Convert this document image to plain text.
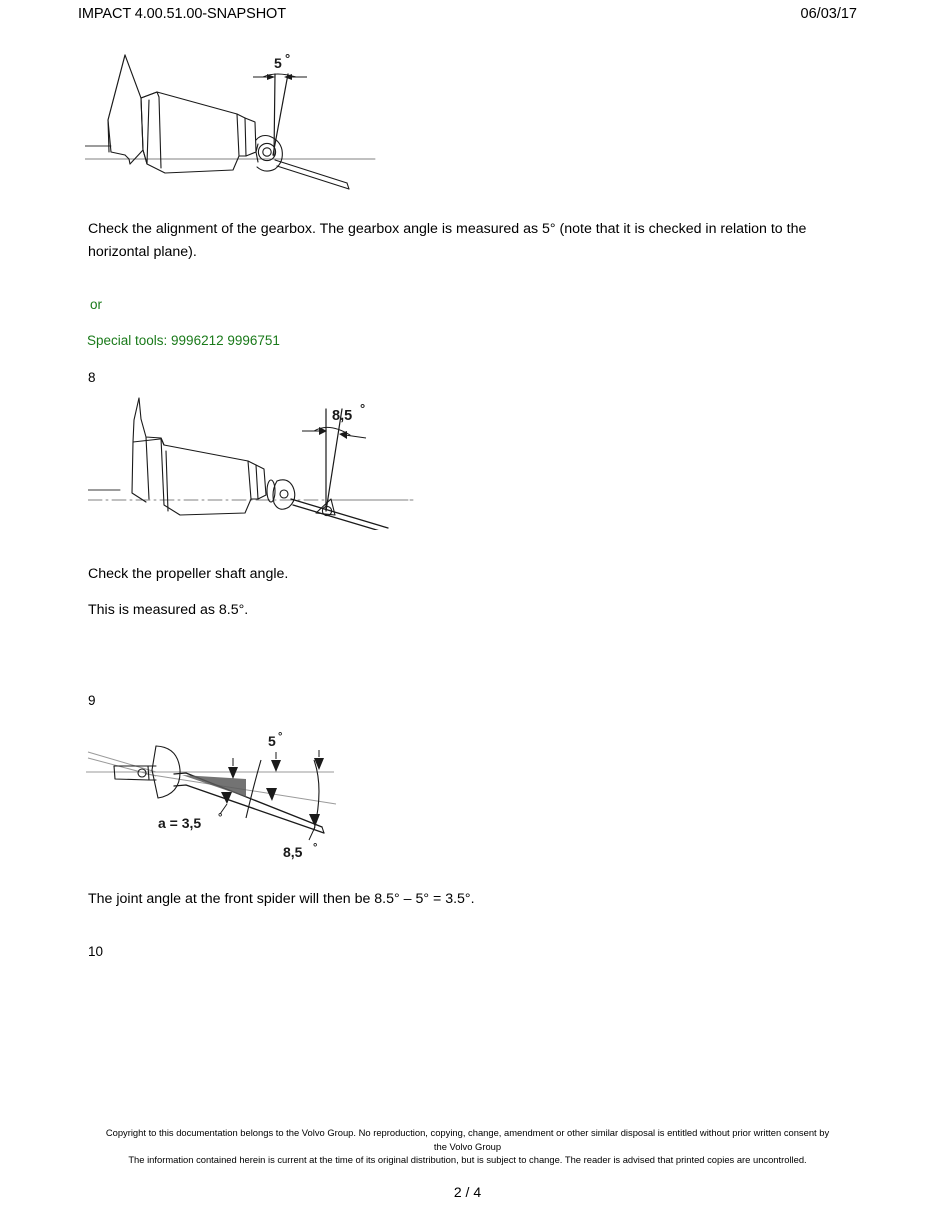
IMPACT 4.00.51.00-SNAPSHOT	06/03/17
5 °
Check the alignment of the gearbox. The gearbox angle is measured as 5° (note that it is checked in relation to the horizontal plane).
or
Special tools: 9996212 9996751
8
8,5 °
Check the propeller shaft angle.
This is measured as 8.5°.
9
a = 3,5 °
5 °
8,5 °
The joint angle at the front spider will then be 8.5° – 5° = 3.5°.
10
Copyright to this documentation belongs to the Volvo Group. No reproduction, copying, change, amendment or other similar disposal is entitled without prior written consent by
the Volvo Group
The information contained herein is current at the time of its original distribution, but is subject to change. The reader is advised that printed copies are uncontrolled.
2 / 4
